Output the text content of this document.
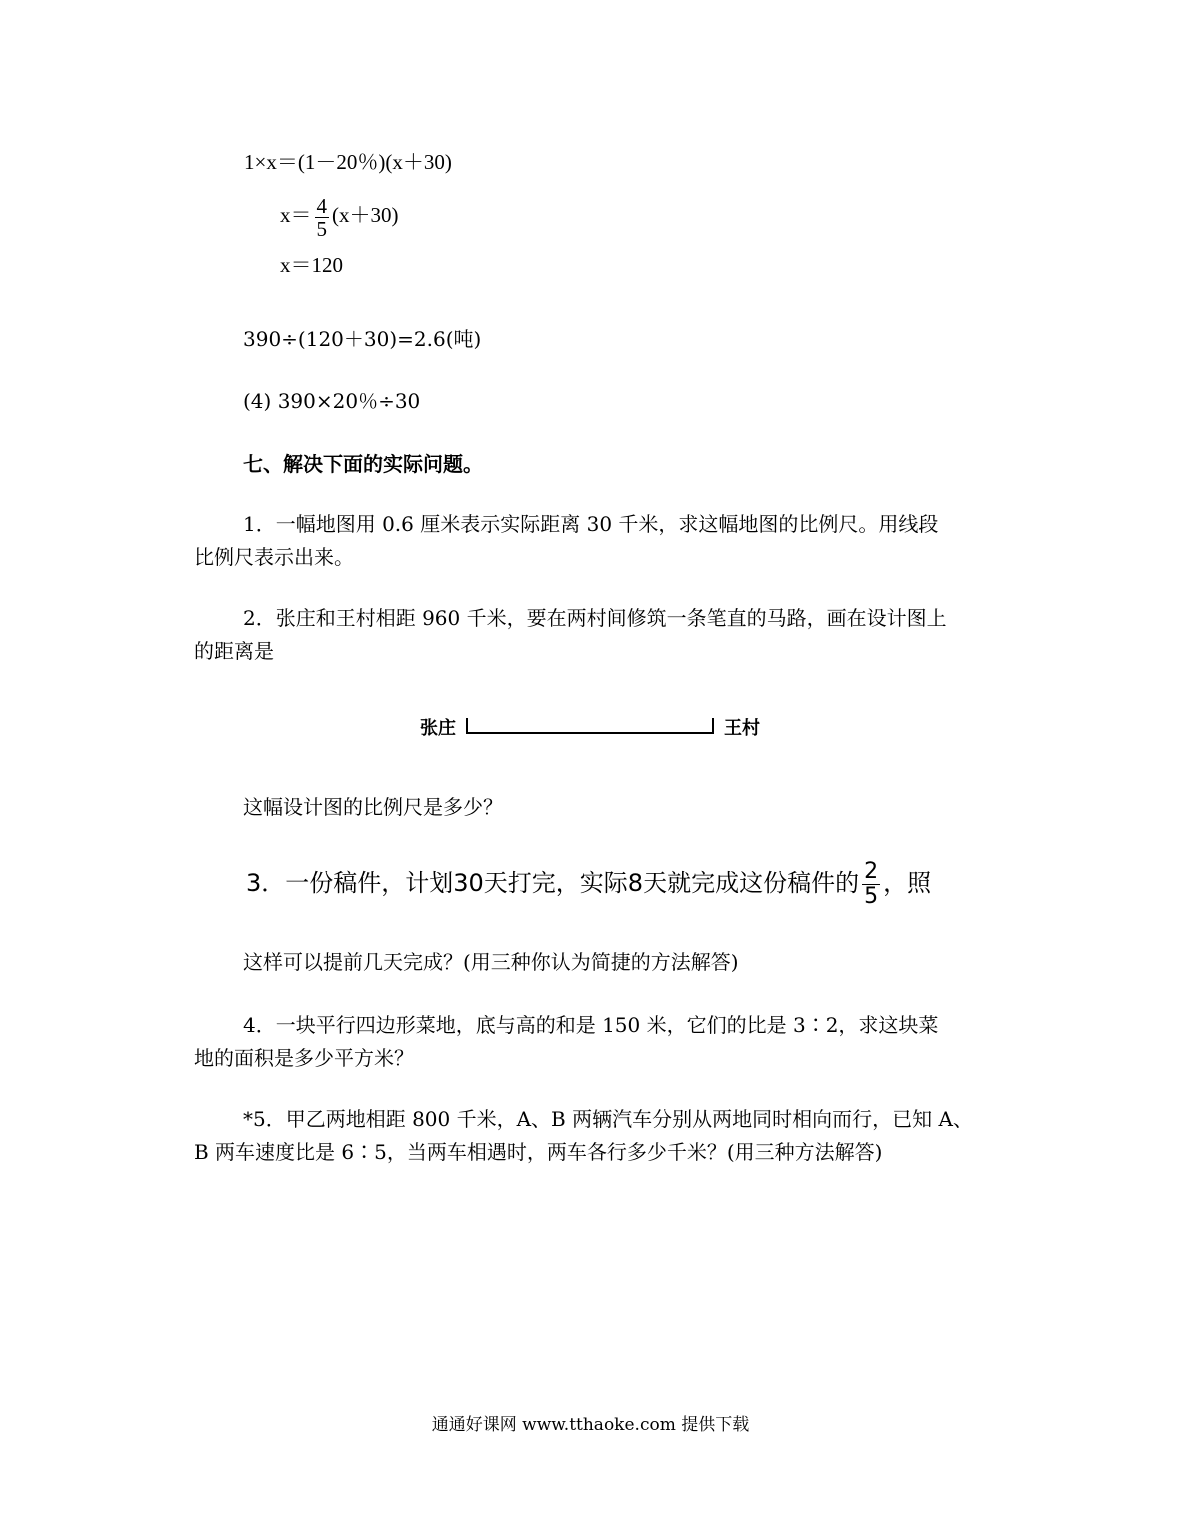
1×x＝(1－20％)(x＋30)
$x= \frac{4}{5} (x+30)$
x＝120
390÷(120＋30)=2.6(吨)
(4) 390×20％÷30
七、解决下面的实际问题。
1．一幅地图用 0.6 厘米表示实际距离 30 千米，求这幅地图的比例尺。用线段
比例尺表示出来。
2．张庄和王村相距 960 千米，要在两村间修筑一条笔直的马路，画在设计图上
的距离是
张庄	王村
这幅设计图的比例尺是多少？
3．一份稿件，计划30天打完，实际8天就完成这份稿件的 $\frac{2}{5}$ ，照
这样可以提前几天完成？(用三种你认为简捷的方法解答)
4．一块平行四边形菜地，底与高的和是 150 米，它们的比是 3∶2，求这块菜
地的面积是多少平方米？
*5．甲乙两地相距 800 千米，A、B 两辆汽车分别从两地同时相向而行，已知 A、
B 两车速度比是 6∶5，当两车相遇时，两车各行多少千米？(用三种方法解答)
通通好课网 www.tthaoke.com 提供下载
